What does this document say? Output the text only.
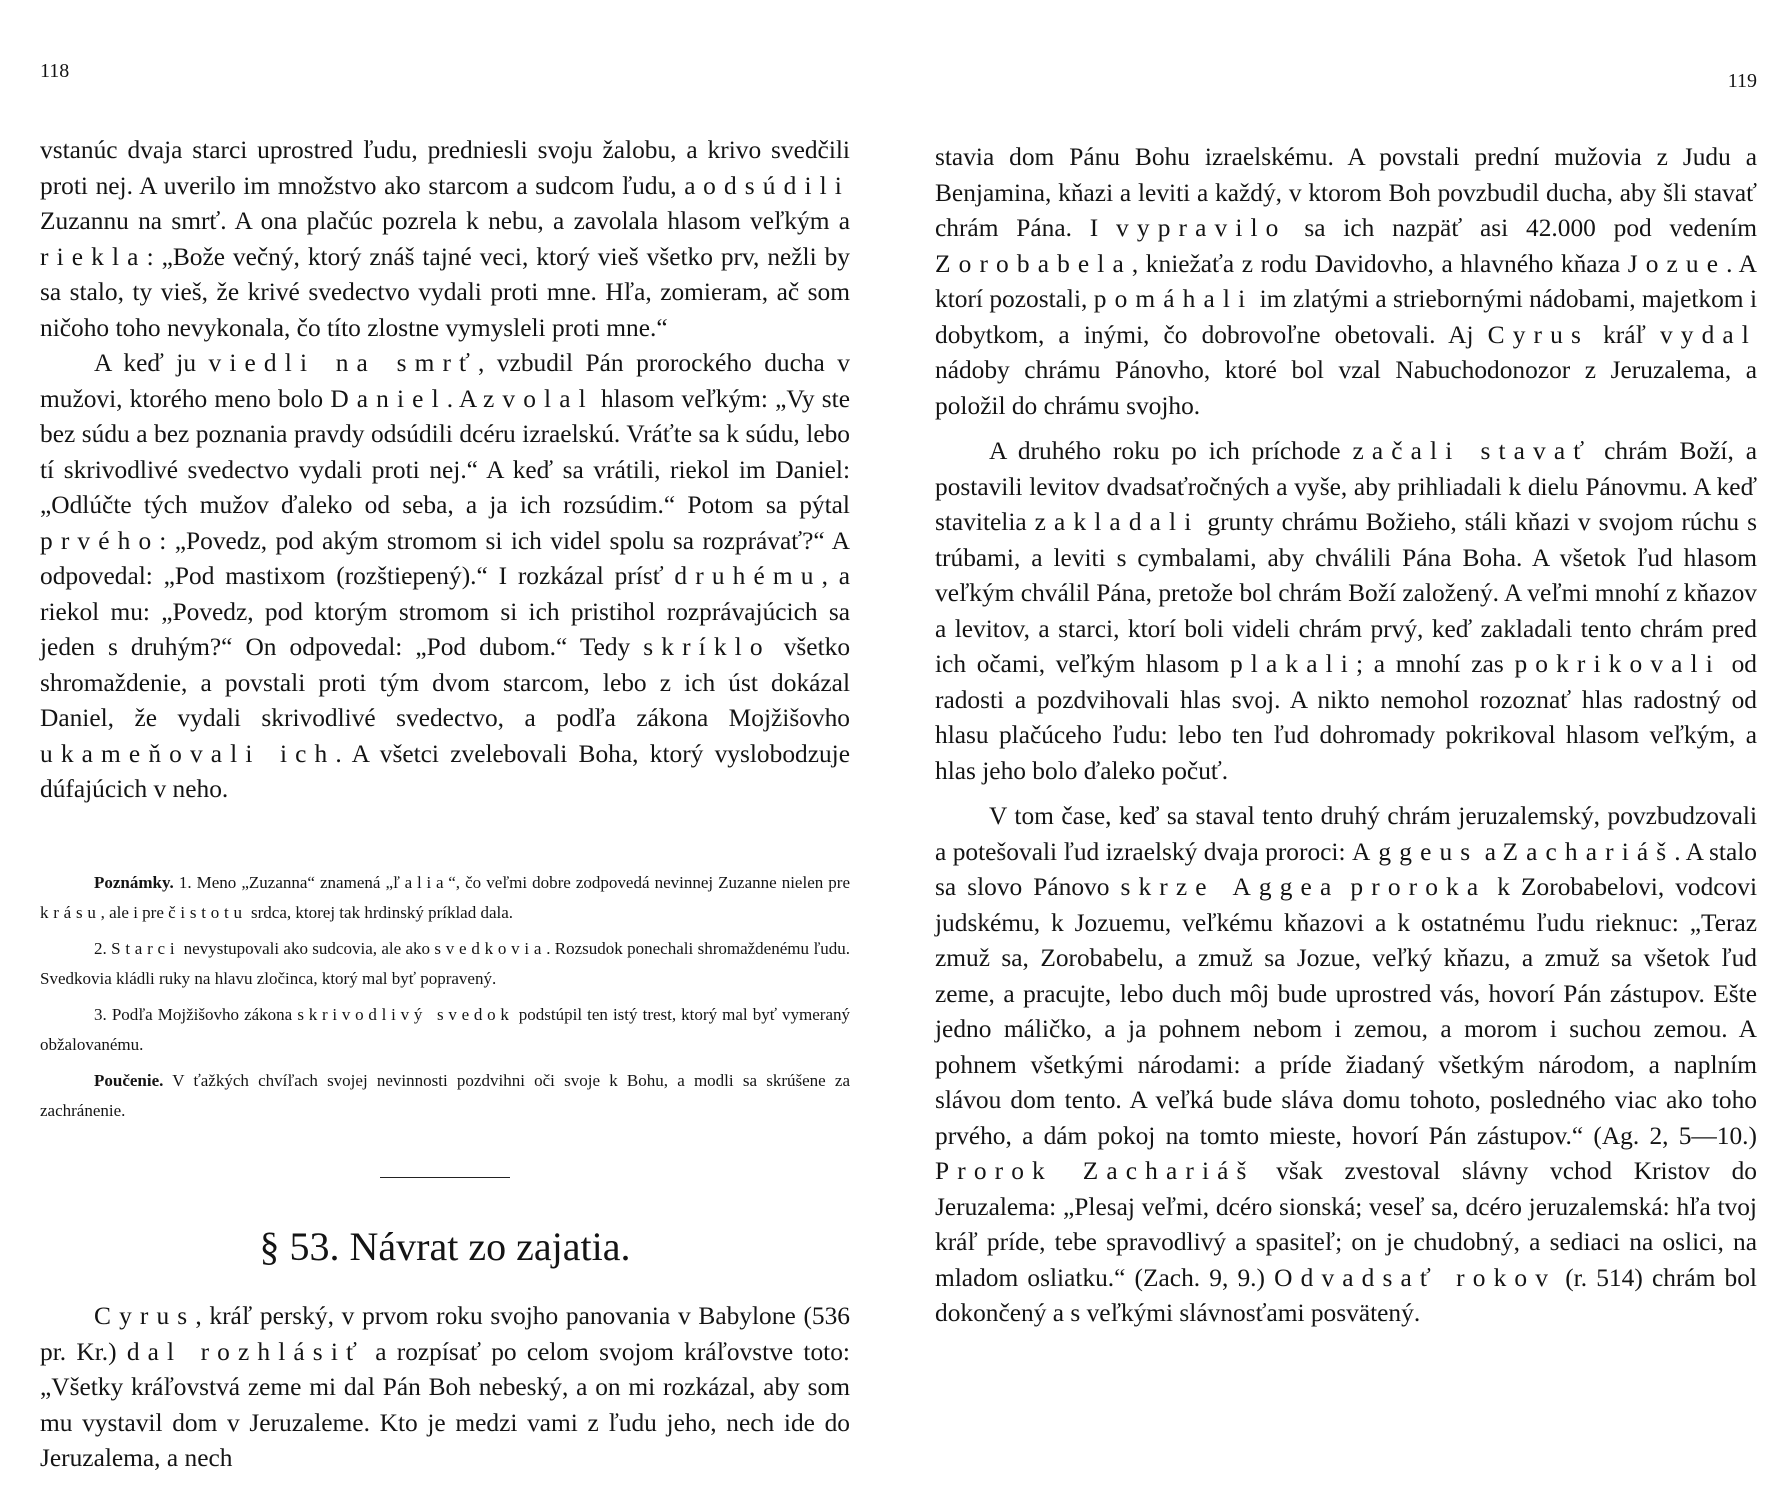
118

vstanúc dvaja starci uprostred ľudu, predniesli svoju žalobu, a krivo svedčili proti nej. A uverilo im množstvo ako starcom a sudcom ľudu, a odsúdili Zuzannu na smrť. A ona plačúc pozrela k nebu, a zavolala hlasom veľkým a riekla: „Bože večný, ktorý znáš tajné veci, ktorý vieš všetko prv, nežli by sa stalo, ty vieš, že krivé svedectvo vydali proti mne. Hľa, zomieram, ač som ničoho toho nevykonala, čo títo zlostne vymysleli proti mne.“

A keď ju viedli na smrť, vzbudil Pán prorockého ducha v mužovi, ktorého meno bolo Daniel. A zvolal hlasom veľkým: „Vy ste bez súdu a bez poznania pravdy odsúdili dcéru izraelskú. Vráťte sa k súdu, lebo tí skrivodlivé svedectvo vydali proti nej.“ A keď sa vrátili, riekol im Daniel: „Odlúčte tých mužov ďaleko od seba, a ja ich rozsúdim.“ Potom sa pýtal prvého: „Povedz, pod akým stromom si ich videl spolu sa rozprávať?“ A odpovedal: „Pod mastixom (rozštiepený).“ I rozkázal prísť druhému, a riekol mu: „Povedz, pod ktorým stromom si ich pristihol rozprávajúcich sa jeden s druhým?“ On odpovedal: „Pod dubom.“ Tedy skríklo všetko shromaždenie, a povstali proti tým dvom starcom, lebo z ich úst dokázal Daniel, že vydali skrivodlivé svedectvo, a podľa zákona Mojžišovho ukameňovali ich. A všetci zvelebovali Boha, ktorý vyslobodzuje dúfajúcich v neho.

Poznámky. 1. Meno „Zuzanna“ znamená „ľalia“, čo veľmi dobre zodpovedá nevinnej Zuzanne nielen pre krásu, ale i pre čistotu srdca, ktorej tak hrdinský príklad dala.

2. Starci nevystupovali ako sudcovia, ale ako svedkovia. Rozsudok ponechali shromaždenému ľudu. Svedkovia kládli ruky na hlavu zločinca, ktorý mal byť popravený.

3. Podľa Mojžišovho zákona skrivodlivý svedok podstúpil ten istý trest, ktorý mal byť vymeraný obžalovanému.

Poučenie. V ťažkých chvíľach svojej nevinnosti pozdvihni oči svoje k Bohu, a modli sa skrúšene za zachránenie.

§ 53. Návrat zo zajatia.

Cyrus, kráľ perský, v prvom roku svojho panovania v Babylone (536 pr. Kr.) dal rozhlásiť a rozpísať po celom svojom kráľovstve toto: „Všetky kráľovstvá zeme mi dal Pán Boh nebeský, a on mi rozkázal, aby som mu vystavil dom v Jeruzaleme. Kto je medzi vami z ľudu jeho, nech ide do Jeruzalema, a nech

119

stavia dom Pánu Bohu izraelskému. A povstali prední mužovia z Judu a Benjamina, kňazi a leviti a každý, v ktorom Boh povzbudil ducha, aby šli stavať chrám Pána. I vypravilo sa ich nazpäť asi 42.000 pod vedením Zorobabela, kniežaťa z rodu Davidovho, a hlavného kňaza Jozue. A ktorí pozostali, pomáhali im zlatými a striebornými nádobami, majetkom i dobytkom, a inými, čo dobrovoľne obetovali. Aj Cyrus kráľ vydal nádoby chrámu Pánovho, ktoré bol vzal Nabuchodonozor z Jeruzalema, a položil do chrámu svojho.

A druhého roku po ich príchode začali stavať chrám Boží, a postavili levitov dvadsaťročných a vyše, aby prihliadali k dielu Pánovmu. A keď stavitelia zakladali grunty chrámu Božieho, stáli kňazi v svojom rúchu s trúbami, a leviti s cymbalami, aby chválili Pána Boha. A všetok ľud hlasom veľkým chválil Pána, pretože bol chrám Boží založený. A veľmi mnohí z kňazov a levitov, a starci, ktorí boli videli chrám prvý, keď zakladali tento chrám pred ich očami, veľkým hlasom plakali; a mnohí zas pokrikovali od radosti a pozdvihovali hlas svoj. A nikto nemohol rozoznať hlas radostný od hlasu plačúceho ľudu: lebo ten ľud dohromady pokrikoval hlasom veľkým, a hlas jeho bolo ďaleko počuť.

V tom čase, keď sa staval tento druhý chrám jeruzalemský, povzbudzovali a potešovali ľud izraelský dvaja proroci: Aggeus a Zachariáš. A stalo sa slovo Pánovo skrze Aggea proroka k Zorobabelovi, vodcovi judskému, k Jozuemu, veľkému kňazovi a k ostatnému ľudu rieknuc: „Teraz zmuž sa, Zorobabelu, a zmuž sa Jozue, veľký kňazu, a zmuž sa všetok ľud zeme, a pracujte, lebo duch môj bude uprostred vás, hovorí Pán zástupov. Ešte jedno máličko, a ja pohnem nebom i zemou, a morom i suchou zemou. A pohnem všetkými národami: a príde žiadaný všetkým národom, a naplním slávou dom tento. A veľká bude sláva domu tohoto, posledného viac ako toho prvého, a dám pokoj na tomto mieste, hovorí Pán zástupov.“ (Ag. 2, 5—10.) Prorok Zachariáš však zvestoval slávny vchod Kristov do Jeruzalema: „Plesaj veľmi, dcéro sionská; veseľ sa, dcéro jeruzalemská: hľa tvoj kráľ príde, tebe spravodlivý a spasiteľ; on je chudobný, a sediaci na oslici, na mladom osliatku.“ (Zach. 9, 9.) Odvadsať rokov (r. 514) chrám bol dokončený a s veľkými slávnosťami posvätený.
